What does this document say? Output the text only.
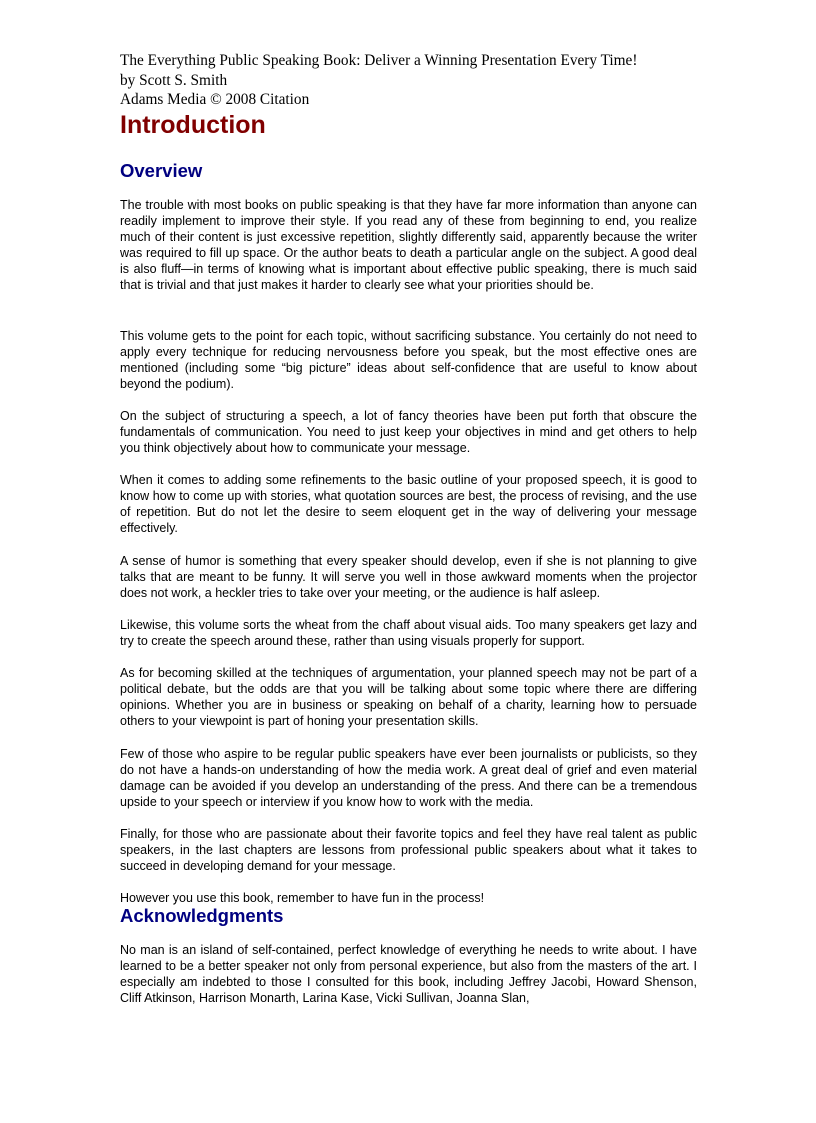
The Everything Public Speaking Book: Deliver a Winning Presentation Every Time!
by Scott S. Smith
Adams Media © 2008 Citation
Introduction
Overview

The trouble with most books on public speaking is that they have far more information than anyone can readily implement to improve their style. If you read any of these from beginning to end, you realize much of their content is just excessive repetition, slightly differently said, apparently because the writer was required to fill up space. Or the author beats to death a particular angle on the subject. A good deal is also fluff—in terms of knowing what is important about effective public speaking, there is much said that is trivial and that just makes it harder to clearly see what your priorities should be.

This volume gets to the point for each topic, without sacrificing substance. You certainly do not need to apply every technique for reducing nervousness before you speak, but the most effective ones are mentioned (including some “big picture” ideas about self-confidence that are useful to know about beyond the podium).

On the subject of structuring a speech, a lot of fancy theories have been put forth that obscure the fundamentals of communication. You need to just keep your objectives in mind and get others to help you think objectively about how to communicate your message.

When it comes to adding some refinements to the basic outline of your proposed speech, it is good to know how to come up with stories, what quotation sources are best, the process of revising, and the use of repetition. But do not let the desire to seem eloquent get in the way of delivering your message effectively.

A sense of humor is something that every speaker should develop, even if she is not planning to give talks that are meant to be funny. It will serve you well in those awkward moments when the projector does not work, a heckler tries to take over your meeting, or the audience is half asleep.

Likewise, this volume sorts the wheat from the chaff about visual aids. Too many speakers get lazy and try to create the speech around these, rather than using visuals properly for support.

As for becoming skilled at the techniques of argumentation, your planned speech may not be part of a political debate, but the odds are that you will be talking about some topic where there are differing opinions. Whether you are in business or speaking on behalf of a charity, learning how to persuade others to your viewpoint is part of honing your presentation skills.

Few of those who aspire to be regular public speakers have ever been journalists or publicists, so they do not have a hands-on understanding of how the media work. A great deal of grief and even material damage can be avoided if you develop an understanding of the press. And there can be a tremendous upside to your speech or interview if you know how to work with the media.

Finally, for those who are passionate about their favorite topics and feel they have real talent as public speakers, in the last chapters are lessons from professional public speakers about what it takes to succeed in developing demand for your message.

However you use this book, remember to have fun in the process!

Acknowledgments

No man is an island of self-contained, perfect knowledge of everything he needs to write about. I have learned to be a better speaker not only from personal experience, but also from the masters of the art. I especially am indebted to those I consulted for this book, including Jeffrey Jacobi, Howard Shenson, Cliff Atkinson, Harrison Monarth, Larina Kase, Vicki Sullivan, Joanna Slan,
